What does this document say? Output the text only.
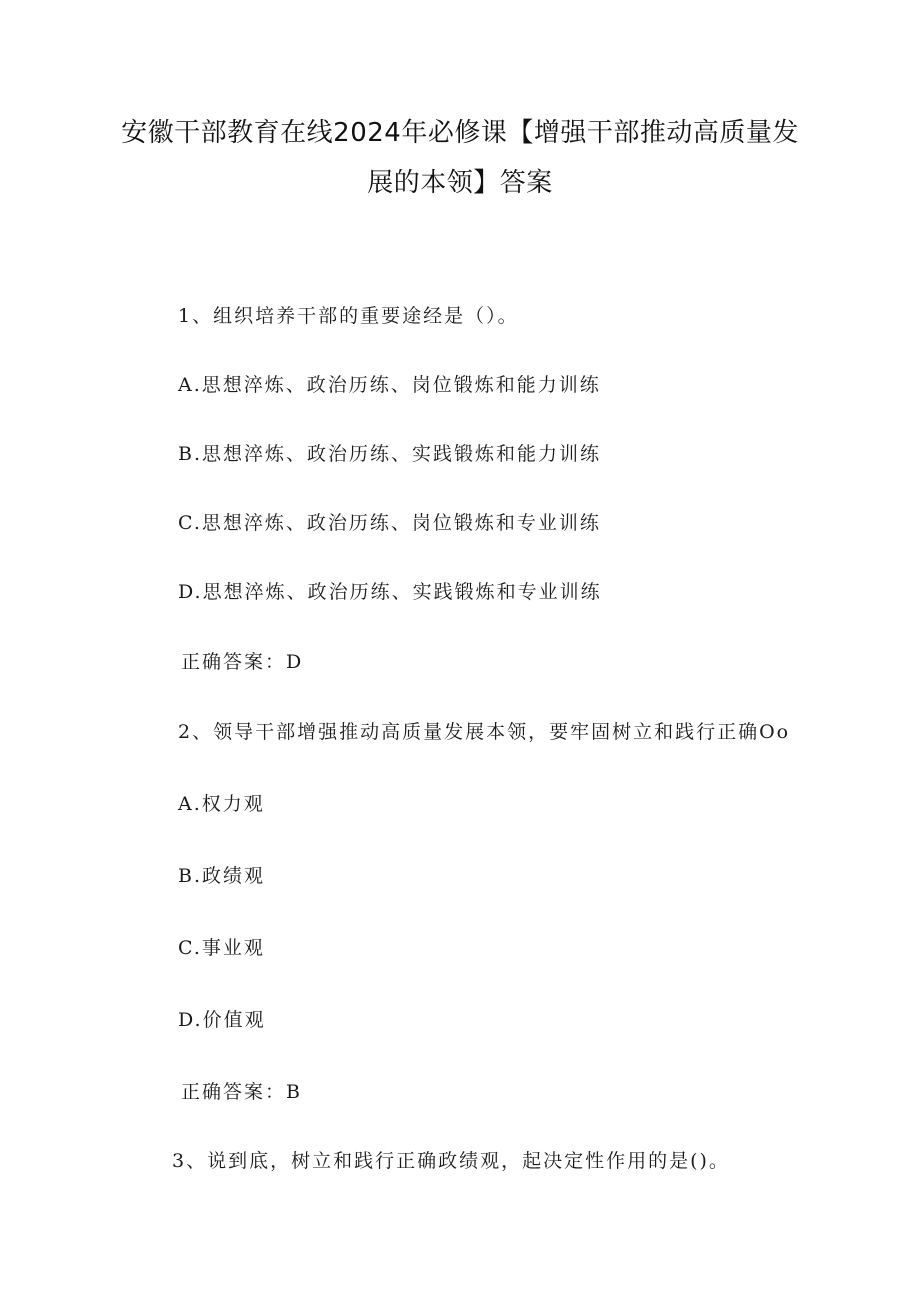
安徽干部教育在线2024年必修课【增强干部推动高质量发展的本领】答案
1、组织培养干部的重要途经是（）。
A.思想淬炼、政治历练、岗位锻炼和能力训练
B.思想淬炼、政治历练、实践锻炼和能力训练
C.思想淬炼、政治历练、岗位锻炼和专业训练
D.思想淬炼、政治历练、实践锻炼和专业训练
正确答案：D
2、领导干部增强推动高质量发展本领，要牢固树立和践行正确Oo
A.权力观
B.政绩观
C.事业观
D.价值观
正确答案：B
3、说到底，树立和践行正确政绩观，起决定性作用的是()。
